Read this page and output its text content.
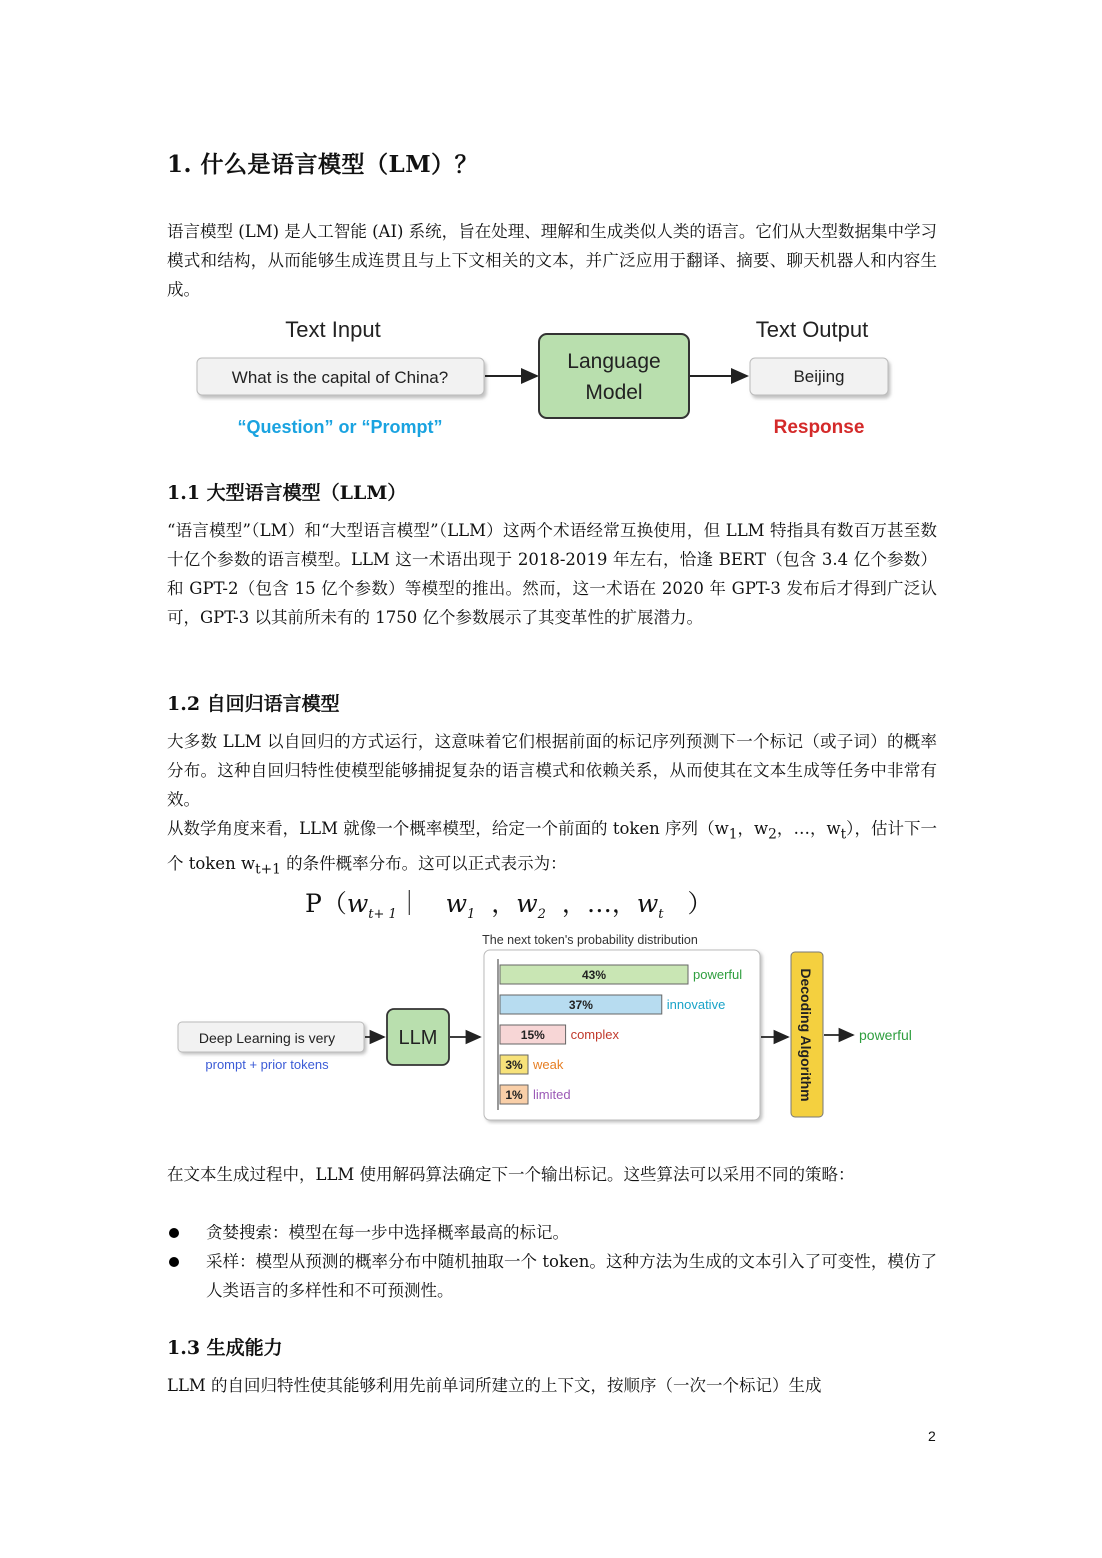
1. 什么是语言模型（LM）？

语言模型 (LM) 是人工智能 (AI) 系统，旨在处理、理解和生成类似人类的语言。它们从大型数据集中学习模式和结构，从而能够生成连贯且与上下文相关的文本，并广泛应用于翻译、摘要、聊天机器人和内容生成。

Text Input	Text Output
What is the capital of China?
Language
Model
Beijing
“Question” or “Prompt”	Response
1.1 大型语言模型（LLM）

“语言模型”（LM）和“大型语言模型”（LLM）这两个术语经常互换使用，但 LLM 特指具有数百万甚至数十亿个参数的语言模型。LLM 这一术语出现于 2018-2019 年左右，恰逢 BERT（包含 3.4 亿个参数）和 GPT-2（包含 15 亿个参数）等模型的推出。然而，这一术语在 2020 年 GPT-3 发布后才得到广泛认可，GPT-3 以其前所未有的 1750 亿个参数展示了其变革性的扩展潜力。

1.2 自回归语言模型

大多数 LLM 以自回归的方式运行，这意味着它们根据前面的标记序列预测下一个标记（或子词）的概率分布。这种自回归特性使模型能够捕捉复杂的语言模式和依赖关系，从而使其在文本生成等任务中非常有效。

从数学角度来看，LLM 就像一个概率模型，给定一个前面的 token 序列（$w_1$，$w_2$，…，$w_t$），估计下一个 token $w_{t+1}$ 的条件概率分布。这可以正式表示为：

$P(w_{t+ 1}|$ $w_1$ ，$w_2$ ，…，$w_t$ ）
Deep Learning is very
prompt + prior tokens
LLM
The next token's probability distribution
43%	powerful
37%	innovative
15% complex
3% weak
1% limited	Decoding Algorithm	powerful

在文本生成过程中，LLM 使用解码算法确定下一个输出标记。这些算法可以采用不同的策略：

贪婪搜索：模型在每一步中选择概率最高的标记。
采样：模型从预测的概率分布中随机抽取一个 token。这种方法为生成的文本引入了可变性，模仿了人类语言的多样性和不可预测性。
1.3 生成能力

LLM 的自回归特性使其能够利用先前单词所建立的上下文，按顺序（一次一个标记）生成

2
